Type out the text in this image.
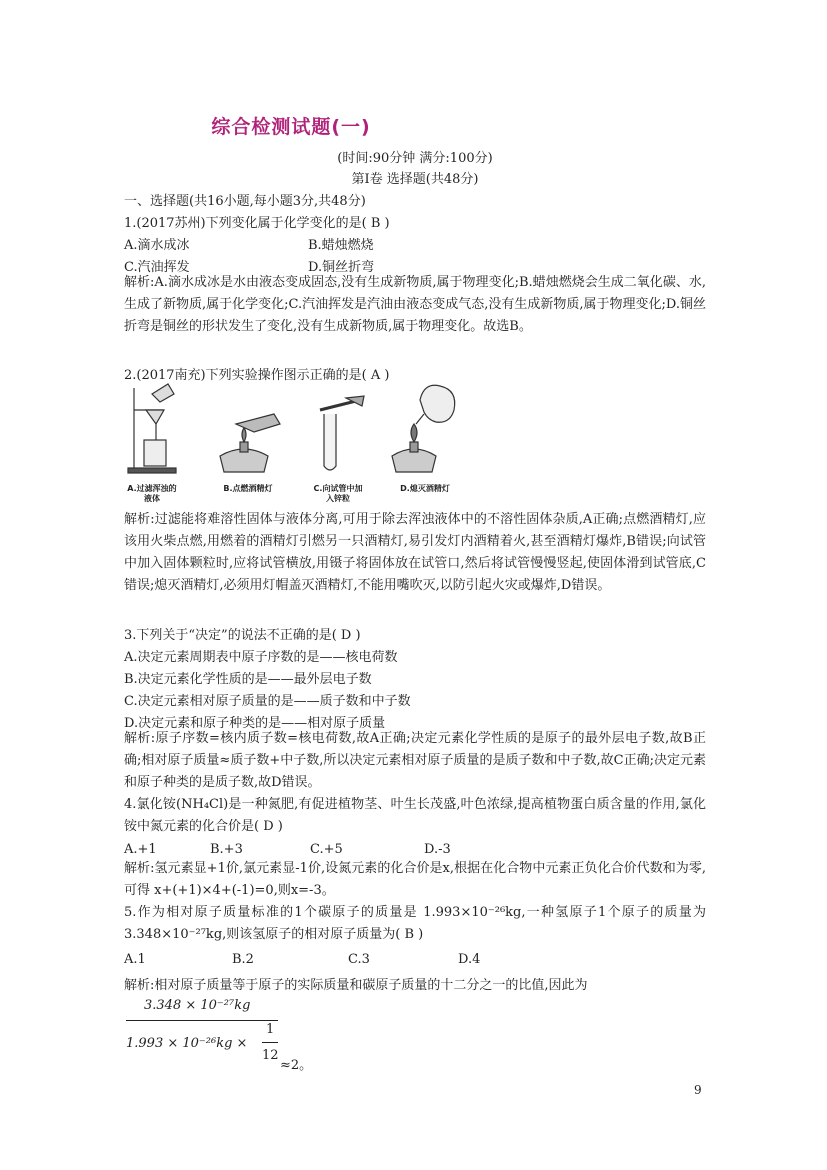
综合检测试题(一)
(时间:90分钟 满分:100分)
第Ⅰ卷 选择题(共48分)
一、选择题(共16小题,每小题3分,共48分)
1.(2017苏州)下列变化属于化学变化的是( B )
A.滴水成冰	B.蜡烛燃烧
C.汽油挥发	D.铜丝折弯
解析:A.滴水成冰是水由液态变成固态,没有生成新物质,属于物理变化;B.蜡烛燃烧会生成二氧化碳、水,生成了新物质,属于化学变化;C.汽油挥发是汽油由液态变成气态,没有生成新物质,属于物理变化;D.铜丝折弯是铜丝的形状发生了变化,没有生成新物质,属于物理变化。故选B。
2.(2017南充)下列实验操作图示正确的是( A )
A.过滤浑浊的液体
B.点燃酒精灯	C.向试管中加入锌粒
D.熄灭酒精灯
解析:过滤能将难溶性固体与液体分离,可用于除去浑浊液体中的不溶性固体杂质,A正确;点燃酒精灯,应该用火柴点燃,用燃着的酒精灯引燃另一只酒精灯,易引发灯内酒精着火,甚至酒精灯爆炸,B错误;向试管中加入固体颗粒时,应将试管横放,用镊子将固体放在试管口,然后将试管慢慢竖起,使固体滑到试管底,C错误;熄灭酒精灯,必须用灯帽盖灭酒精灯,不能用嘴吹灭,以防引起火灾或爆炸,D错误。
3.下列关于“决定”的说法不正确的是( D )
A.决定元素周期表中原子序数的是——核电荷数
B.决定元素化学性质的是——最外层电子数
C.决定元素相对原子质量的是——质子数和中子数
D.决定元素和原子种类的是——相对原子质量
解析:原子序数=核内质子数=核电荷数,故A正确;决定元素化学性质的是原子的最外层电子数,故B正确;相对原子质量≈质子数+中子数,所以决定元素相对原子质量的是质子数和中子数,故C正确;决定元素和原子种类的是质子数,故D错误。
4.氯化铵(NH₄Cl)是一种氮肥,有促进植物茎、叶生长茂盛,叶色浓绿,提高植物蛋白质含量的作用,氯化铵中氮元素的化合价是( D )
A.+1	B.+3	C.+5	D.-3
解析:氢元素显+1价,氯元素显-1价,设氮元素的化合价是x,根据在化合物中元素正负化合价代数和为零,可得 x+(+1)×4+(-1)=0,则x=-3。
5.作为相对原子质量标准的1个碳原子的质量是 1.993×10⁻²⁶kg,一种氢原子1个原子的质量为3.348×10⁻²⁷kg,则该氢原子的相对原子质量为( B )
A.1	B.2	C.3	D.4
解析:相对原子质量等于原子的实际质量和碳原子质量的十二分之一的比值,因此为
3.348 × 10⁻²⁷kg
1.993 × 10⁻²⁶kg ×
1
12
≈2。
9
